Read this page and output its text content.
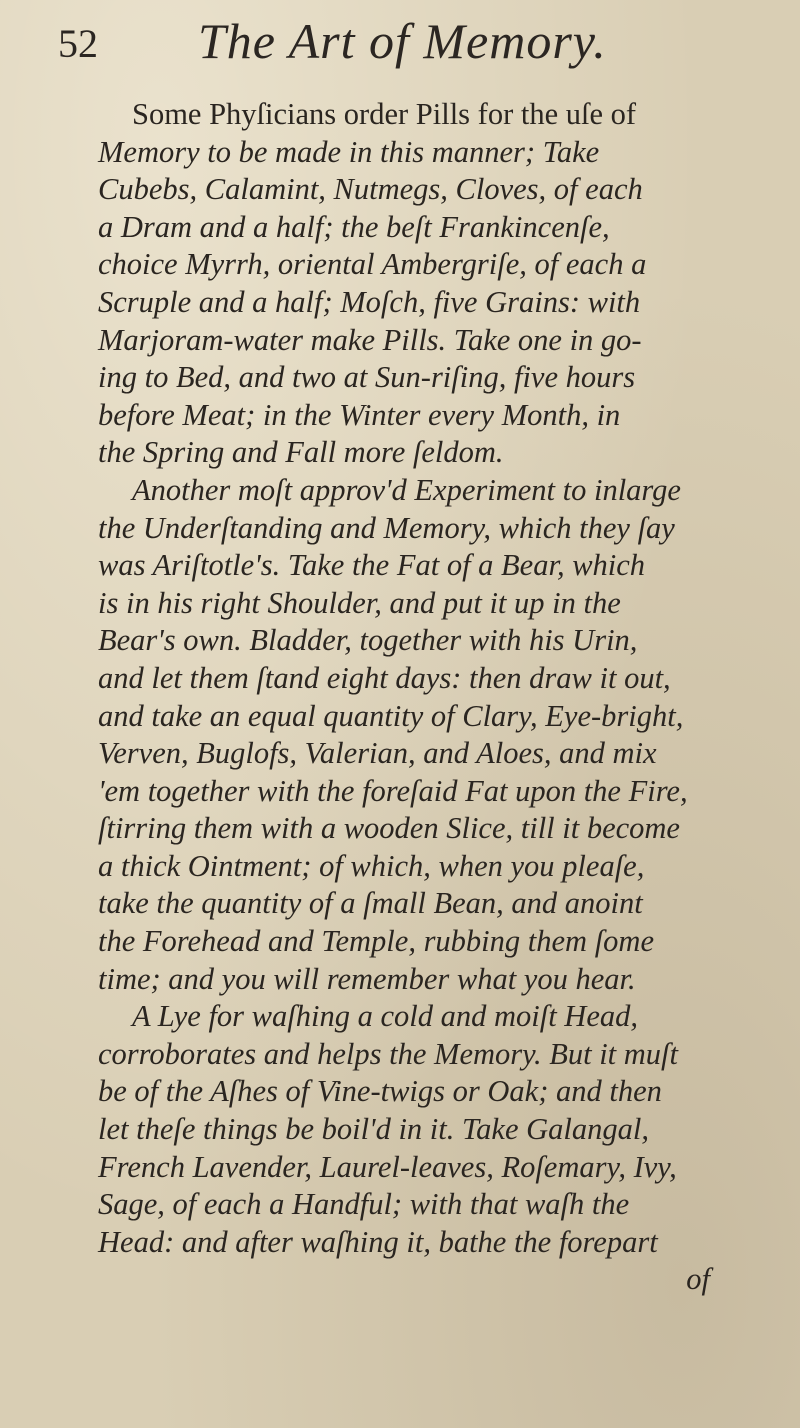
52 The Art of Memory.
Some Phyſicians order Pills for the uſe of
Memory to be made in this manner; Take
Cubebs, Calamint, Nutmegs, Cloves, of each
a Dram and a half; the beſt Frankincenſe,
choice Myrrh, oriental Ambergriſe, of each a
Scruple and a half; Moſch, five Grains: with
Marjoram-water make Pills. Take one in go-
ing to Bed, and two at Sun-riſing, five hours
before Meat; in the Winter every Month, in
the Spring and Fall more ſeldom.
Another moſt approv'd Experiment to inlarge
the Underſtanding and Memory, which they ſay
was Ariſtotle's. Take the Fat of a Bear, which
is in his right Shoulder, and put it up in the
Bear's own. Bladder, together with his Urin,
and let them ſtand eight days: then draw it out,
and take an equal quantity of Clary, Eye-bright,
Verven, Buglofs, Valerian, and Aloes, and mix
'em together with the foreſaid Fat upon the Fire,
ſtirring them with a wooden Slice, till it become
a thick Ointment; of which, when you pleaſe,
take the quantity of a ſmall Bean, and anoint
the Forehead and Temple, rubbing them ſome
time; and you will remember what you hear.
A Lye for waſhing a cold and moiſt Head,
corroborates and helps the Memory. But it muſt
be of the Aſhes of Vine-twigs or Oak; and then
let theſe things be boil'd in it. Take Galangal,
French Lavender, Laurel-leaves, Roſemary, Ivy,
Sage, of each a Handful; with that waſh the
Head: and after waſhing it, bathe the forepart
of
